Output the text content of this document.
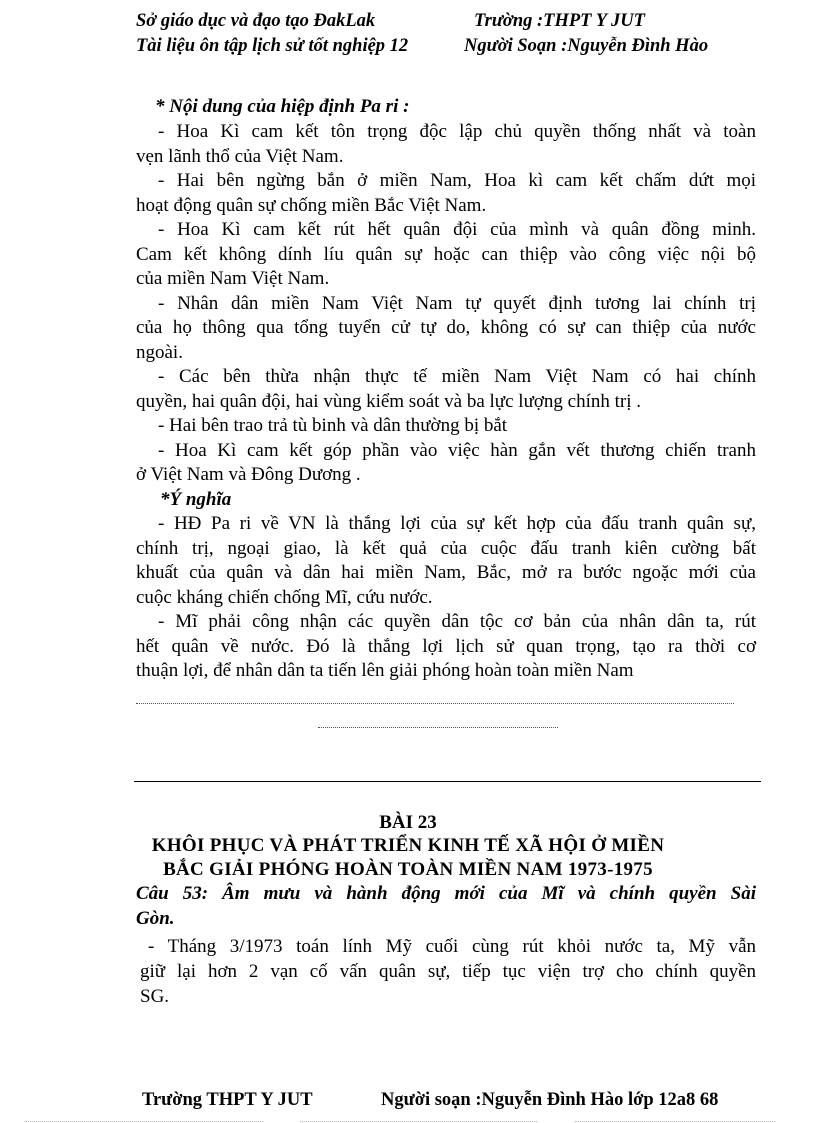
Sở giáo dục và đạo tạo ĐakLak	Trường :THPT Y JUT
Tài liệu ôn tập lịch sử tốt nghiệp 12	Người Soạn :Nguyễn Đình Hào
* Nội dung của hiệp định Pa ri :
- Hoa Kì cam kết tôn trọng độc lập chủ quyền thống nhất và toàn
vẹn lãnh thổ của Việt Nam.
- Hai bên ngừng bắn ở miền Nam, Hoa kì cam kết chấm dứt mọi
hoạt động quân sự chống miền Bắc Việt Nam.
- Hoa Kì cam kết rút hết quân đội của mình và quân đồng minh.
Cam kết không dính líu quân sự hoặc can thiệp vào công việc nội bộ
của miền Nam Việt Nam.
- Nhân dân miền Nam Việt Nam tự quyết định tương lai chính trị
của họ thông qua tổng tuyển cử tự do, không có sự can thiệp của nước
ngoài.
- Các bên thừa nhận thực tế miền Nam Việt Nam có hai chính
quyền, hai quân đội, hai vùng kiểm soát và ba lực lượng chính trị .
- Hai bên trao trả tù binh và dân thường bị bắt
- Hoa Kì cam kết góp phần vào việc hàn gắn vết thương chiến tranh
ở Việt Nam và Đông Dương .
*Ý nghĩa
- HĐ Pa ri về VN là thắng lợi của sự kết hợp của đấu tranh quân sự,
chính trị, ngoại giao, là kết quả của cuộc đấu tranh kiên cường bất
khuất của quân và dân hai miền Nam, Bắc, mở ra bước ngoặc mới của
cuộc kháng chiến chống Mĩ, cứu nước.
- Mĩ phải công nhận các quyền dân tộc cơ bản của nhân dân ta, rút
hết quân về nước. Đó là thắng lợi lịch sử quan trọng, tạo ra thời cơ
thuận lợi, để nhân dân ta tiến lên giải phóng hoàn toàn miền Nam
BÀI 23
KHÔI PHỤC VÀ PHÁT TRIỂN KINH TẾ XÃ HỘI Ở MIỀN
BẮC GIẢI PHÓNG HOÀN TOÀN MIỀN NAM 1973-1975
Câu 53: Âm mưu và hành động mới của Mĩ và chính quyền Sài
Gòn.
- Tháng 3/1973 toán lính Mỹ cuối cùng rút khỏi nước ta, Mỹ vẫn
giữ lại hơn 2 vạn cố vấn quân sự, tiếp tục viện trợ cho chính quyền
SG.
Trường THPT Y JUT	Người soạn :Nguyễn Đình Hào lớp 12a8 68
